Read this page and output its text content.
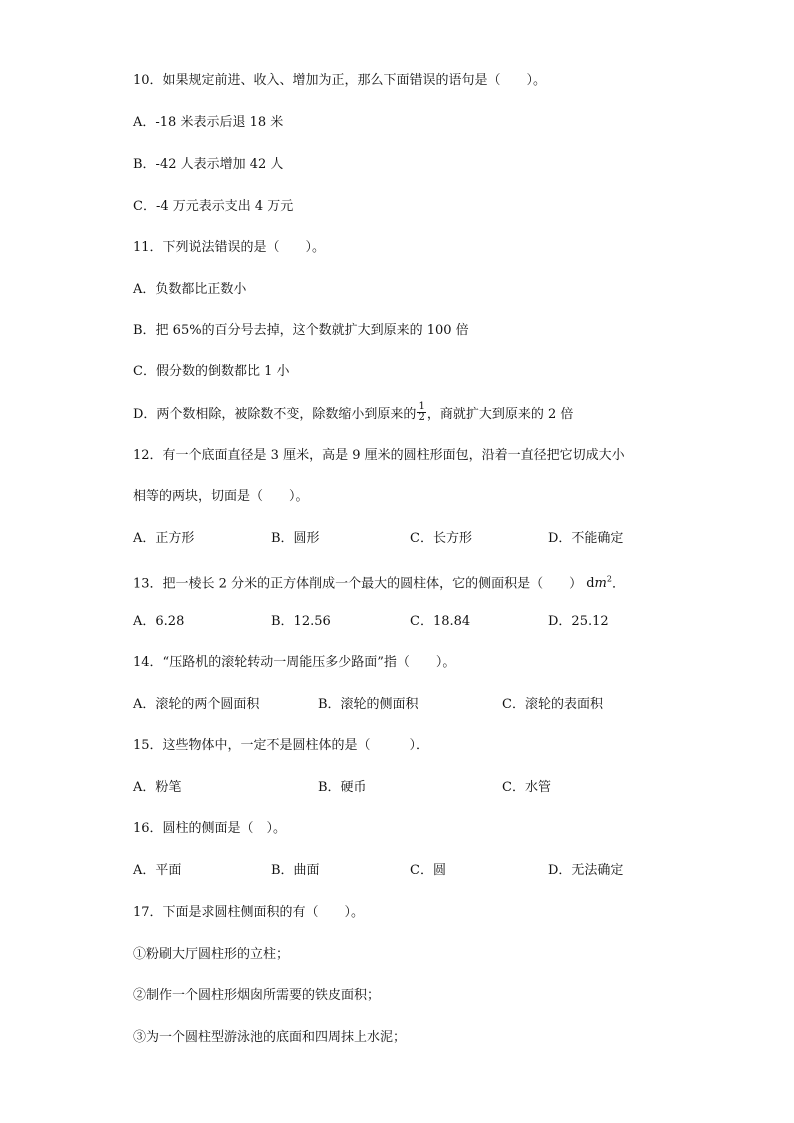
10．如果规定前进、收入、增加为正，那么下面错误的语句是（　　）。
A．-18 米表示后退 18 米
B．-42 人表示增加 42 人
C．-4 万元表示支出 4 万元
11．下列说法错误的是（　　）。
A．负数都比正数小
B．把 65%的百分号去掉，这个数就扩大到原来的 100 倍
C．假分数的倒数都比 1 小
D．两个数相除，被除数不变，除数缩小到原来的 $\frac{1}{2}$ ，商就扩大到原来的 2 倍
12．有一个底面直径是 3 厘米，高是 9 厘米的圆柱形面包，沿着一直径把它切成大小
相等的两块，切面是（　　）。
A．正方形	B．圆形	C．长方形	D．不能确定
13．把一棱长 2 分米的正方体削成一个最大的圆柱体，它的侧面积是（　　） $dm^2$．
A．6.28	B．12.56	C．18.84	D．25.12
14．“压路机的滚轮转动一周能压多少路面”指（　　）。
A．滚轮的两个圆面积	B．滚轮的侧面积	C．滚轮的表面积
15．这些物体中，一定不是圆柱体的是（　　　）．
A．粉笔	B．硬币	C．水管
16．圆柱的侧面是（　）。
A．平面	B．曲面	C．圆	D．无法确定
17．下面是求圆柱侧面积的有（　　）。
①粉刷大厅圆柱形的立柱；
②制作一个圆柱形烟囱所需要的铁皮面积；
③为一个圆柱型游泳池的底面和四周抹上水泥；
